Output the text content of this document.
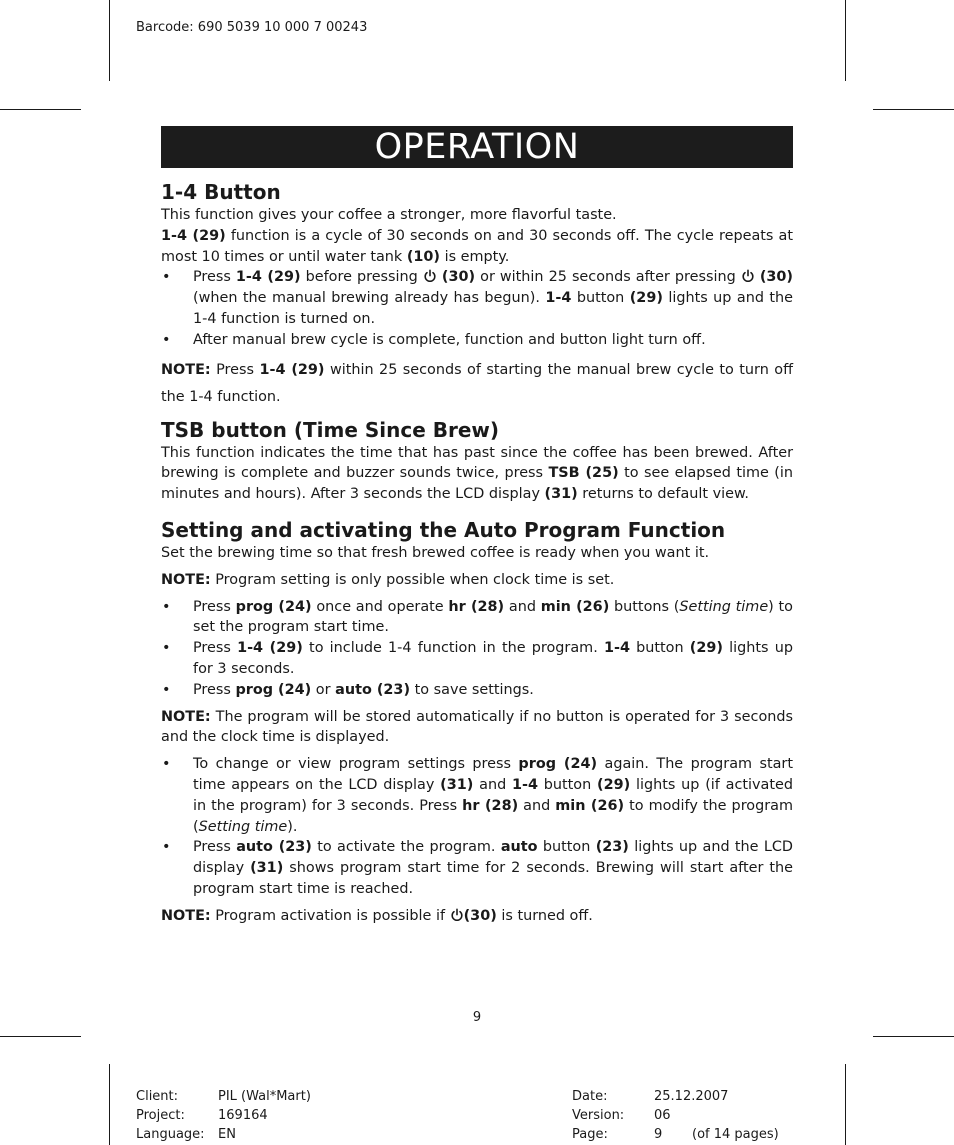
Barcode: 690 5039 10 000 7 00243
OPERATION
1-4 Button

This function gives your coffee a stronger, more flavorful taste.

1-4 (29) function is a cycle of 30 seconds on and 30 seconds off. The cycle repeats at most 10 times or until water tank (10) is empty.

• Press 1-4 (29) before pressing  (30) or within 25 seconds after pressing  (30) (when the manual brewing already has begun). 1-4 button (29) lights up and the 1-4 function is turned on.
• After manual brew cycle is complete, function and button light turn off.

NOTE: Press 1-4 (29) within 25 seconds of starting the manual brew cycle to turn off the 1-4 function.

TSB button (Time Since Brew)

This function indicates the time that has past since the coffee has been brewed. After brewing is complete and buzzer sounds twice, press TSB (25) to see elapsed time (in minutes and hours). After 3 seconds the LCD display (31) returns to default view.

Setting and activating the Auto Program Function

Set the brewing time so that fresh brewed coffee is ready when you want it.

NOTE: Program setting is only possible when clock time is set.

• Press prog (24) once and operate hr (28) and min (26) buttons (Setting time) to set the program start time.
• Press 1-4 (29) to include 1-4 function in the program. 1-4 button (29) lights up for 3 seconds.
• Press prog (24) or auto (23) to save settings.

NOTE: The program will be stored automatically if no button is operated for 3 seconds and the clock time is displayed.

• To change or view program settings press prog (24) again. The program start time appears on the LCD display (31) and 1-4 button (29) lights up (if activated in the program) for 3 seconds. Press hr (28) and min (26) to modify the program (Setting time).
• Press auto (23) to activate the program. auto button (23) lights up and the LCD display (31) shows program start time for 2 seconds. Brewing will start after the program start time is reached.

NOTE: Program activation is possible if (30) is turned off.

9
Client:	PIL (Wal*Mart)
Project:	169164
Language: EN
Date:	25.12.2007
Version: 06
Page:	9 (of 14 pages)
